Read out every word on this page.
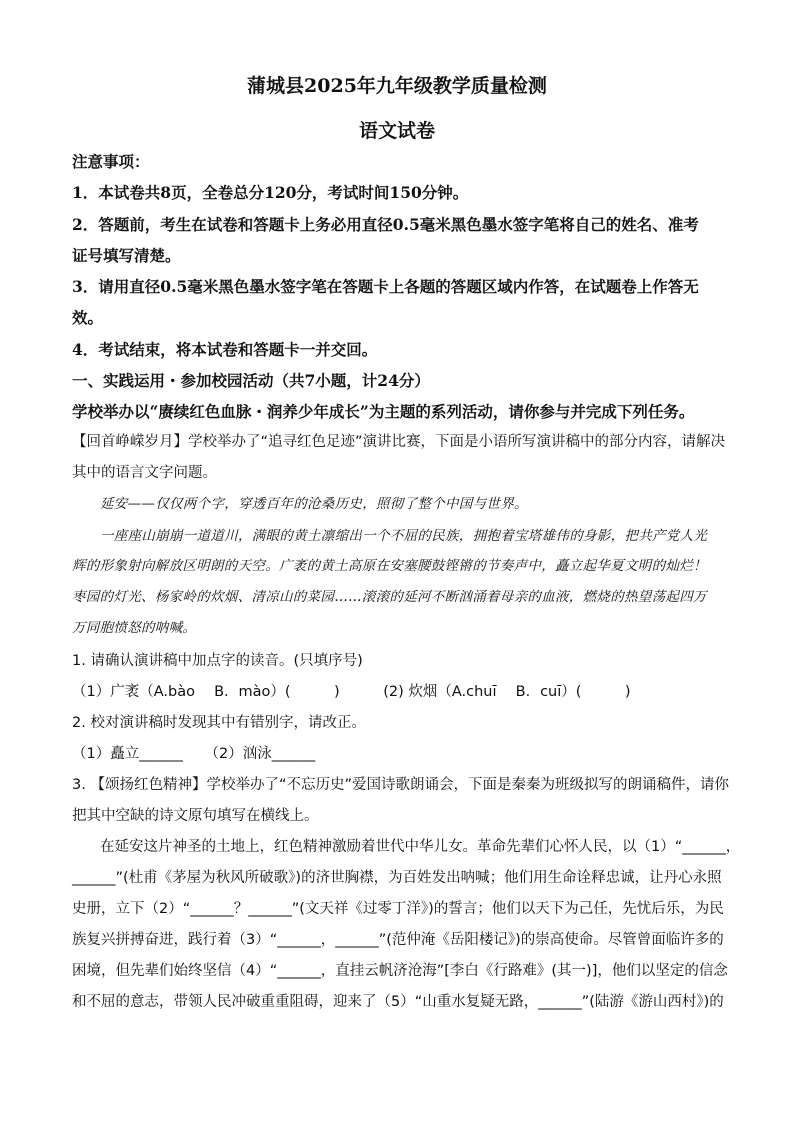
蒲城县2025年九年级教学质量检测
语文试卷
注意事项：
1．本试卷共8页，全卷总分120分，考试时间150分钟。
2．答题前，考生在试卷和答题卡上务必用直径0.5毫米黑色墨水签字笔将自己的姓名、准考
证号填写清楚。
3．请用直径0.5毫米黑色墨水签字笔在答题卡上各题的答题区域内作答，在试题卷上作答无
效。
4．考试结束，将本试卷和答题卡一并交回。
一、实践运用・参加校园活动（共7小题，计24分）
学校举办以“赓续红色血脉・润养少年成长”为主题的系列活动，请你参与并完成下列任务。
【回首峥嵘岁月】学校举办了“追寻红色足迹”演讲比赛，下面是小语所写演讲稿中的部分内容，请解决
其中的语言文字问题。
延安——仅仅两个字，穿透百年的沧桑历史，照彻了整个中国与世界。
一座座山崩崩一道道川，满眼的黄土凛缩出一个不屈的民族，拥抱着宝塔雄伟的身影，把共产党人光
辉的形象射向解放区明朗的天空。广袤的黄土高原在安塞腰鼓铿锵的节奏声中，矗立起华夏文明的灿烂！
枣园的灯光、杨家岭的炊烟、清凉山的菜园……滚滚的延河不断汹涌着母亲的血液，燃烧的热望荡起四万
万同胞愤怒的呐喊。
1. 请确认演讲稿中加点字的读音。(只填序号)
（1）广袤（A.bào　 B．mào）(　　　)　　　(2) 炊烟（A.chuī　 B．cuī）(　　　)
2. 校对演讲稿时发现其中有错别字，请改正。
（1）矗立______　　（2）汹泳______
3. 【颂扬红色精神】学校举办了“不忘历史”爱国诗歌朗诵会，下面是秦秦为班级拟写的朗诵稿件，请你
把其中空缺的诗文原句填写在横线上。
在延安这片神圣的土地上，红色精神激励着世代中华儿女。革命先辈们心怀人民，以（1）“______，
______”(杜甫《茅屋为秋风所破歌》)的济世胸襟，为百姓发出呐喊；他们用生命诠释忠诚，让丹心永照
史册，立下（2）“______？______”(文天祥《过零丁洋》)的誓言；他们以天下为己任，先忧后乐，为民
族复兴拼搏奋进，践行着（3）“______，______”(范仲淹《岳阳楼记》)的崇高使命。尽管曾面临许多的
困境，但先辈们始终坚信（4）“______，直挂云帆济沧海”[李白《行路难》(其一)]，他们以坚定的信念
和不屈的意志，带领人民冲破重重阻碍，迎来了（5）“山重水复疑无路，______”(陆游《游山西村》)的
